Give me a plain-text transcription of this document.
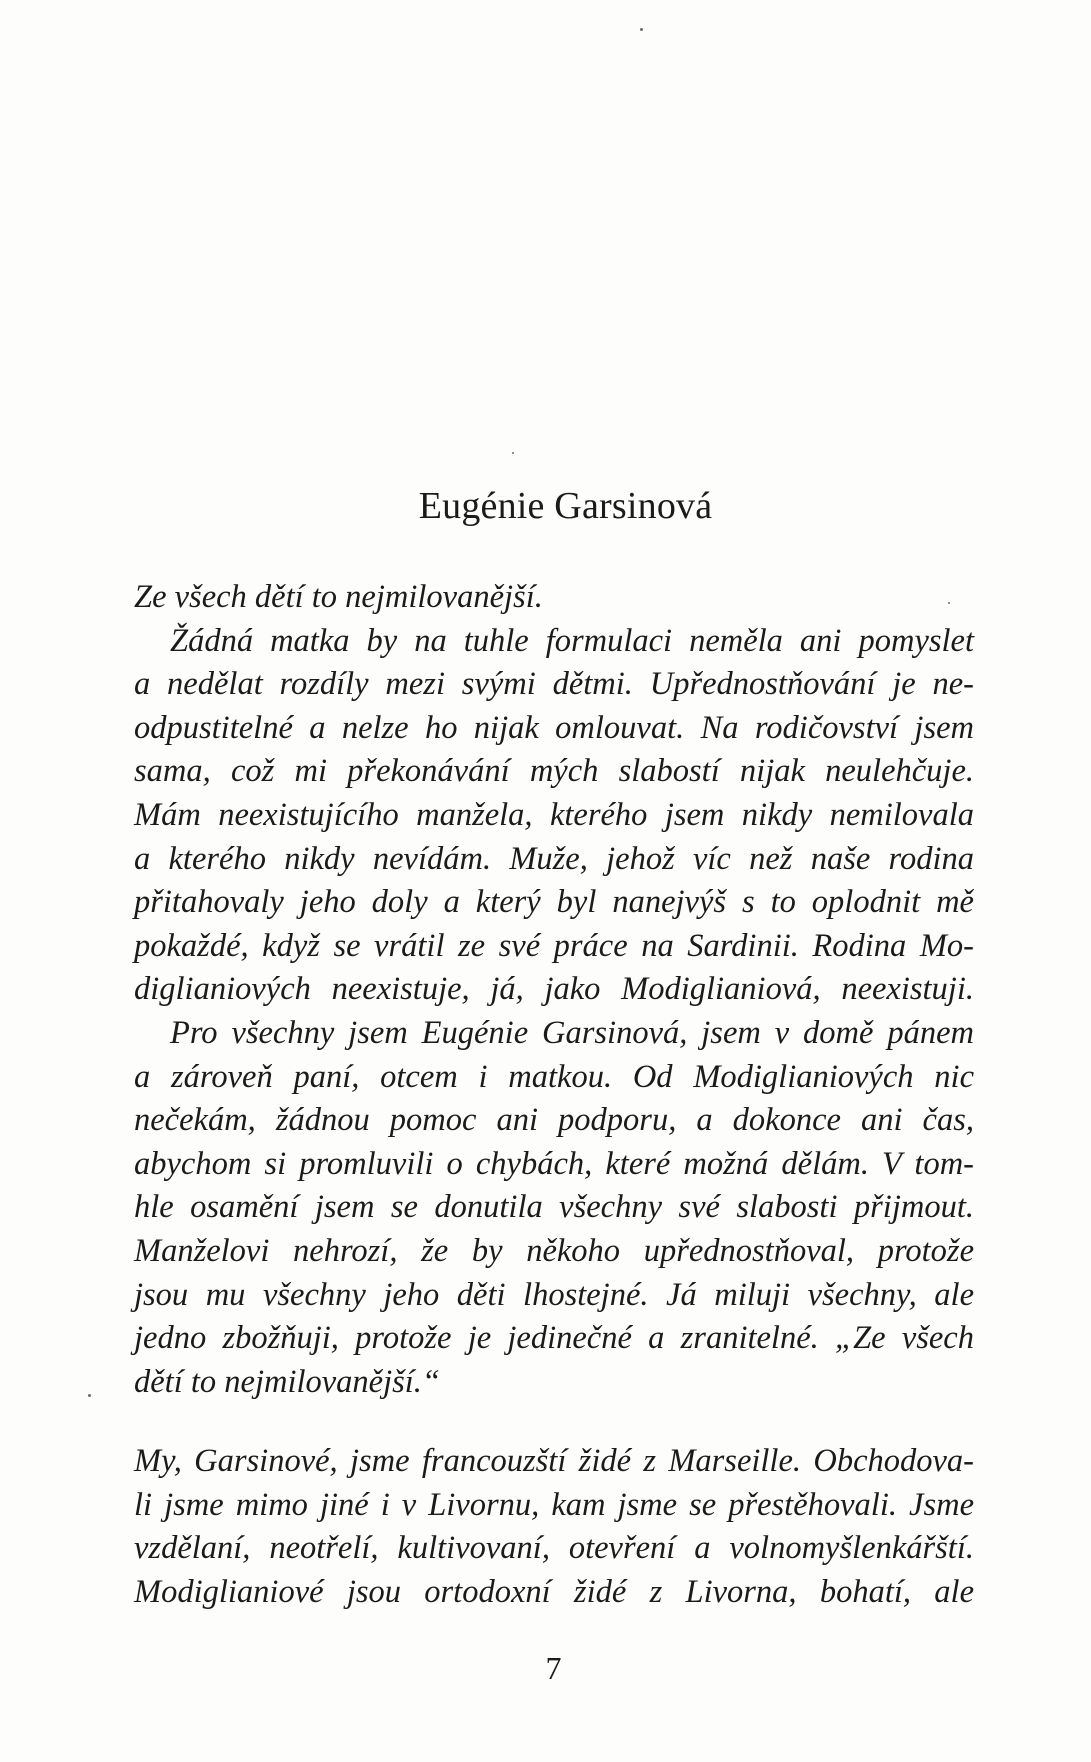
Eugénie Garsinová
Ze všech dětí to nejmilovanější.
Žádná matka by na tuhle formulaci neměla ani pomyslet
a nedělat rozdíly mezi svými dětmi. Upřednostňování je ne-
odpustitelné a nelze ho nijak omlouvat. Na rodičovství jsem
sama, což mi překonávání mých slabostí nijak neulehčuje.
Mám neexistujícího manžela, kterého jsem nikdy nemilovala
a kterého nikdy nevídám. Muže, jehož víc než naše rodina
přitahovaly jeho doly a který byl nanejvýš s to oplodnit mě
pokaždé, když se vrátil ze své práce na Sardinii. Rodina Mo-
diglianiových neexistuje, já, jako Modiglianiová, neexistuji.
Pro všechny jsem Eugénie Garsinová, jsem v domě pánem
a zároveň paní, otcem i matkou. Od Modiglianiových nic
nečekám, žádnou pomoc ani podporu, a dokonce ani čas,
abychom si promluvili o chybách, které možná dělám. V tom-
hle osamění jsem se donutila všechny své slabosti přijmout.
Manželovi nehrozí, že by někoho upřednostňoval, protože
jsou mu všechny jeho děti lhostejné. Já miluji všechny, ale
jedno zbožňuji, protože je jedinečné a zranitelné. „Ze všech
dětí to nejmilovanější.“
My, Garsinové, jsme francouzští židé z Marseille. Obchodova-
li jsme mimo jiné i v Livornu, kam jsme se přestěhovali. Jsme
vzdělaní, neotřelí, kultivovaní, otevření a volnomyšlenkářští.
Modiglianiové jsou ortodoxní židé z Livorna, bohatí, ale
7
